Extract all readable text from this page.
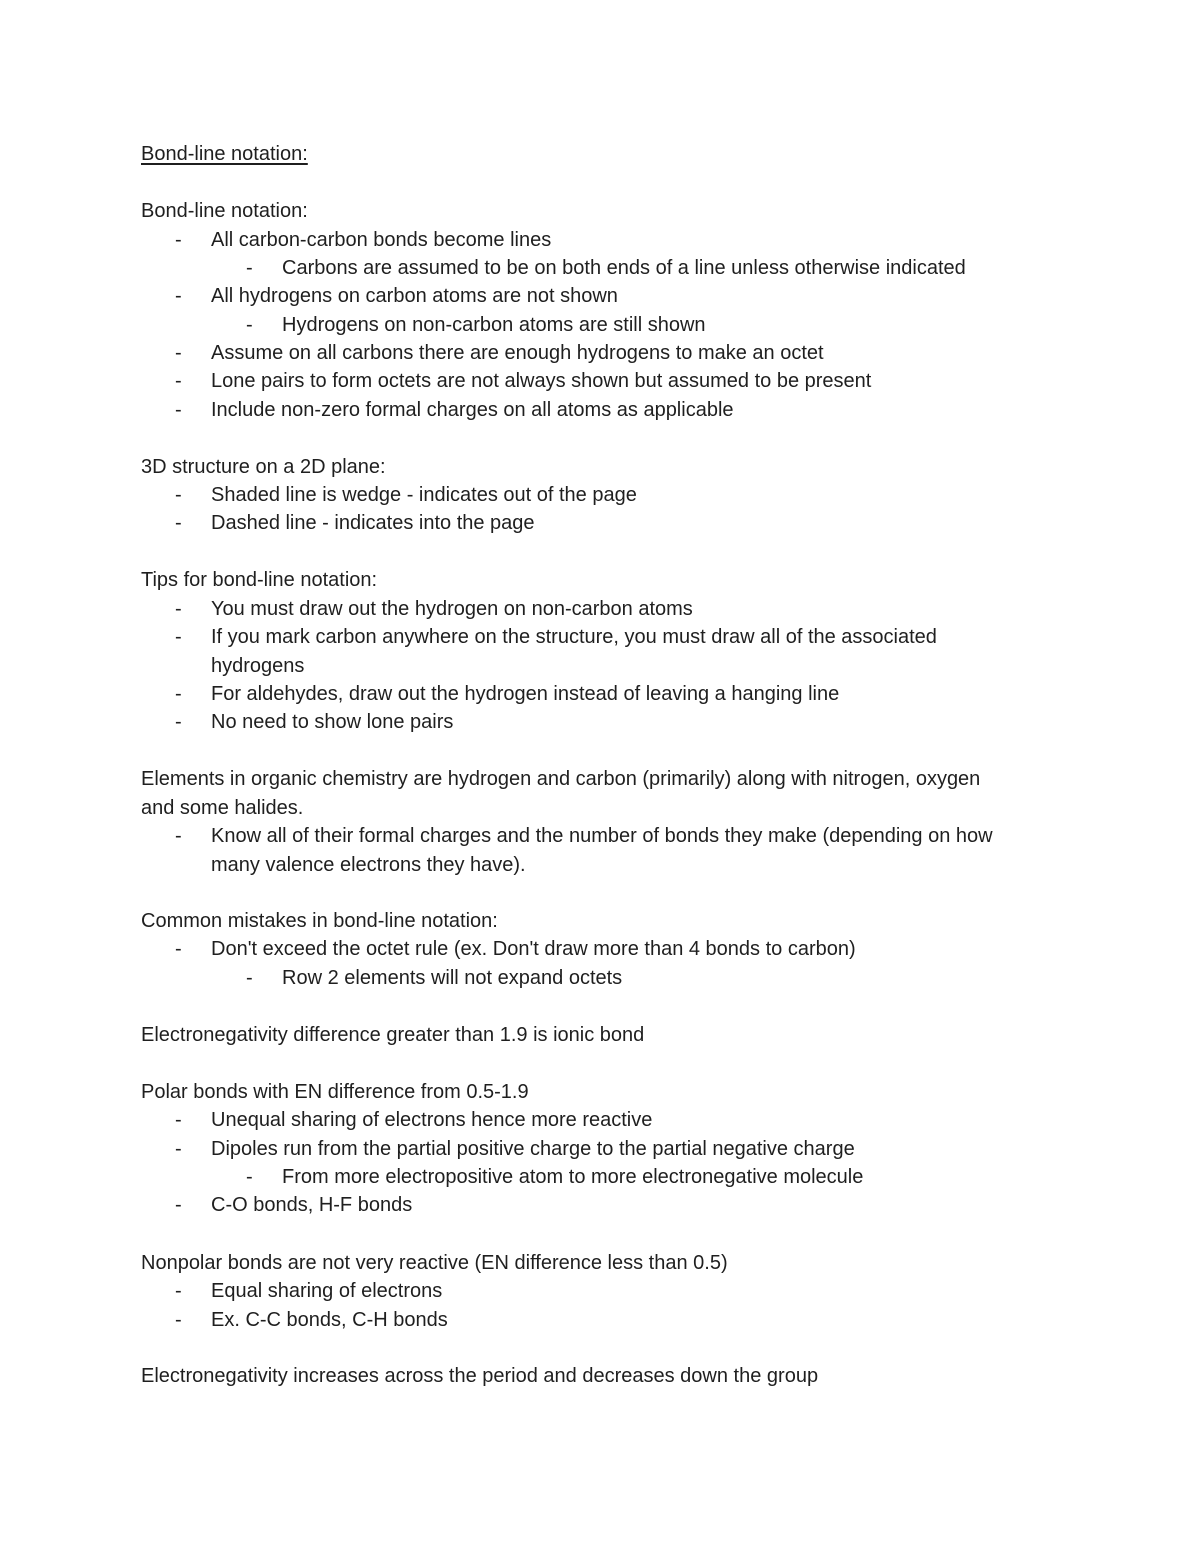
Bond-line notation:
Bond-line notation:
- All carbon-carbon bonds become lines
- Carbons are assumed to be on both ends of a line unless otherwise indicated
- All hydrogens on carbon atoms are not shown
- Hydrogens on non-carbon atoms are still shown
- Assume on all carbons there are enough hydrogens to make an octet
- Lone pairs to form octets are not always shown but assumed to be present
- Include non-zero formal charges on all atoms as applicable
3D structure on a 2D plane:
- Shaded line is wedge - indicates out of the page
- Dashed line - indicates into the page
Tips for bond-line notation:
- You must draw out the hydrogen on non-carbon atoms
- If you mark carbon anywhere on the structure, you must draw all of the associated
hydrogens
- For aldehydes, draw out the hydrogen instead of leaving a hanging line
- No need to show lone pairs
Elements in organic chemistry are hydrogen and carbon (primarily) along with nitrogen, oxygen
and some halides.
- Know all of their formal charges and the number of bonds they make (depending on how
many valence electrons they have).
Common mistakes in bond-line notation:
- Don't exceed the octet rule (ex. Don't draw more than 4 bonds to carbon)
- Row 2 elements will not expand octets
Electronegativity difference greater than 1.9 is ionic bond
Polar bonds with EN difference from 0.5-1.9
- Unequal sharing of electrons hence more reactive
- Dipoles run from the partial positive charge to the partial negative charge
- From more electropositive atom to more electronegative molecule
- C-O bonds, H-F bonds
Nonpolar bonds are not very reactive (EN difference less than 0.5)
- Equal sharing of electrons
- Ex. C-C bonds, C-H bonds
Electronegativity increases across the period and decreases down the group
